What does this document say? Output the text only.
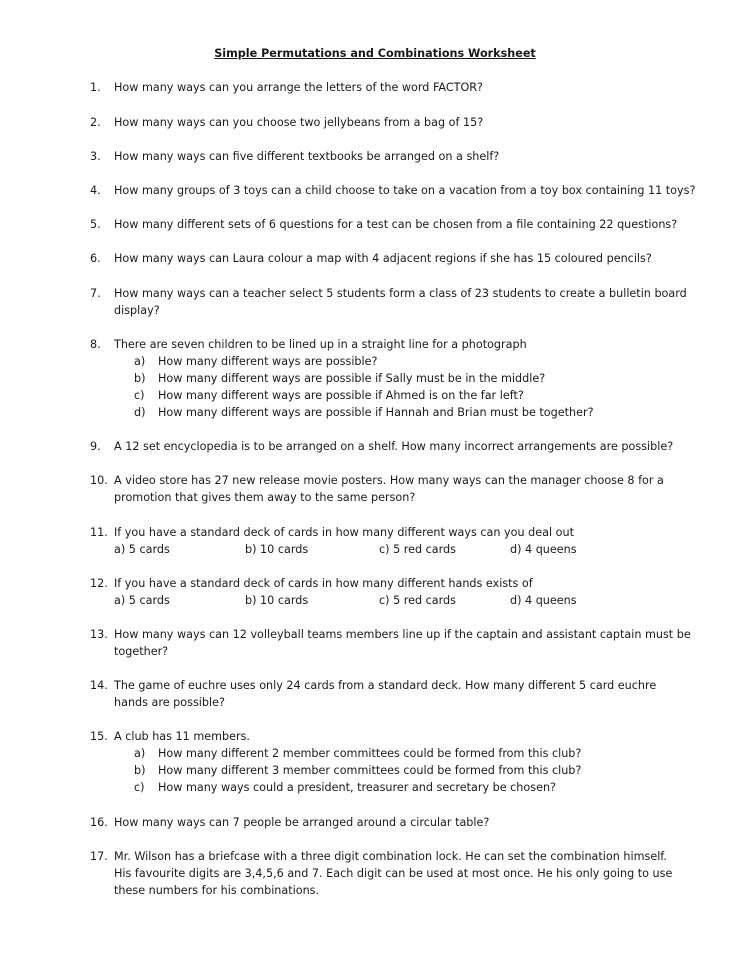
Simple Permutations and Combinations Worksheet
1. How many ways can you arrange the letters of the word FACTOR?
2. How many ways can you choose two jellybeans from a bag of 15?
3. How many ways can five different textbooks be arranged on a shelf?
4. How many groups of 3 toys can a child choose to take on a vacation from a toy box containing 11 toys?
5. How many different sets of 6 questions for a test can be chosen from a file containing 22 questions?
6. How many ways can Laura colour a map with 4 adjacent regions if she has 15 coloured pencils?
7. How many ways can a teacher select 5 students form a class of 23 students to create a bulletin board
display?
8. There are seven children to be lined up in a straight line for a photograph
a) How many different ways are possible?
b) How many different ways are possible if Sally must be in the middle?
c) How many different ways are possible if Ahmed is on the far left?
d) How many different ways are possible if Hannah and Brian must be together?
9. A 12 set encyclopedia is to be arranged on a shelf. How many incorrect arrangements are possible?
10. A video store has 27 new release movie posters. How many ways can the manager choose 8 for a
promotion that gives them away to the same person?
11. If you have a standard deck of cards in how many different ways can you deal out
a) 5 cards	b) 10 cards	c) 5 red cards	d) 4 queens
12. If you have a standard deck of cards in how many different hands exists of
a) 5 cards	b) 10 cards	c) 5 red cards	d) 4 queens
13. How many ways can 12 volleyball teams members line up if the captain and assistant captain must be
together?
14. The game of euchre uses only 24 cards from a standard deck. How many different 5 card euchre
hands are possible?
15. A club has 11 members.
a) How many different 2 member committees could be formed from this club?
b) How many different 3 member committees could be formed from this club?
c) How many ways could a president, treasurer and secretary be chosen?
16. How many ways can 7 people be arranged around a circular table?
17. Mr. Wilson has a briefcase with a three digit combination lock. He can set the combination himself.
His favourite digits are 3,4,5,6 and 7. Each digit can be used at most once. He his only going to use
these numbers for his combinations.
